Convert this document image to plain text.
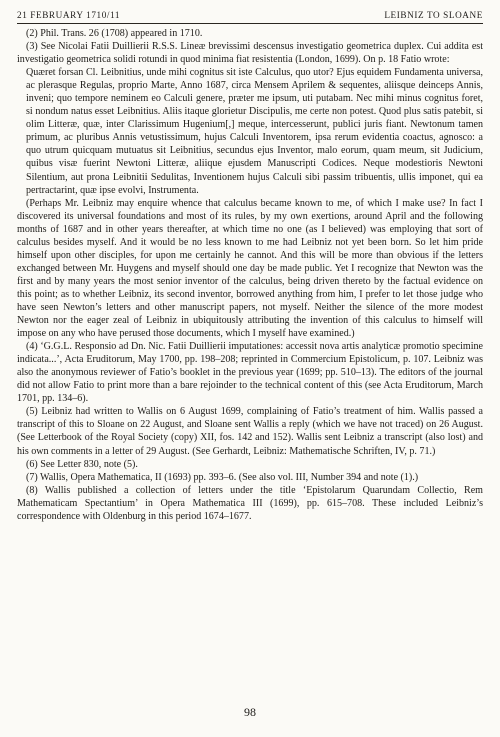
21 FEBRUARY 1710/11	LEIBNIZ TO SLOANE

(2) Phil. Trans. 26 (1708) appeared in 1710.

(3) See Nicolai Fatii Duillierii R.S.S. Lineæ brevissimi descensus investigatio geometrica duplex. Cui addita est investigatio geometrica solidi rotundi in quod minima fiat resistentia (London, 1699). On p. 18 Fatio wrote:

Quæret forsan Cl. Leibnitius, unde mihi cognitus sit iste Calculus, quo utor? Ejus equidem Fundamenta universa, ac plerasque Regulas, proprio Marte, Anno 1687, circa Mensem Aprilem & sequentes, aliisque deinceps Annis, inveni; quo tempore neminem eo Calculi genere, præter me ipsum, uti putabam. Nec mihi minus cognitus foret, si nondum natus esset Leibnitius. Aliis itaque glorietur Discipulis, me certe non potest. Quod plus satis patebit, si olim Litteræ, quæ, inter Clarissimum Hugenium[,] meque, intercesserunt, publici juris fiant. Newtonum tamen primum, ac pluribus Annis vetustissimum, hujus Calculi Inventorem, ipsa rerum evidentia coactus, agnosco: a quo utrum quicquam mutuatus sit Leibnitius, secundus ejus Inventor, malo eorum, quam meum, sit Judicium, quibus visæ fuerint Newtoni Litteræ, aliique ejusdem Manuscripti Codices. Neque modestioris Newtoni Silentium, aut prona Leibnitii Sedulitas, Inventionem hujus Calculi sibi passim tribuentis, ullis imponet, qui ea pertractarint, quæ ipse evolvi, Instrumenta.

(Perhaps Mr. Leibniz may enquire whence that calculus became known to me, of which I make use? In fact I discovered its universal foundations and most of its rules, by my own exertions, around April and the following months of 1687 and in other years thereafter, at which time no one (as I believed) was employing that sort of calculus besides myself. And it would be no less known to me had Leibniz not yet been born. So let him pride himself upon other disciples, for upon me certainly he cannot. And this will be more than obvious if the letters exchanged between Mr. Huygens and myself should one day be made public. Yet I recognize that Newton was the first and by many years the most senior inventor of the calculus, being driven thereto by the factual evidence on this point; as to whether Leibniz, its second inventor, borrowed anything from him, I prefer to let those judge who have seen Newton’s letters and other manuscript papers, not myself. Neither the silence of the more modest Newton nor the eager zeal of Leibniz in ubiquitously attributing the invention of this calculus to himself will impose on any who have perused those documents, which I myself have examined.)

(4) ‘G.G.L. Responsio ad Dn. Nic. Fatii Duillierii imputationes: accessit nova artis analyticæ promotio specimine indicata...’, Acta Eruditorum, May 1700, pp. 198–208; reprinted in Commercium Epistolicum, p. 107. Leibniz was also the anonymous reviewer of Fatio’s booklet in the previous year (1699; pp. 510–13). The editors of the journal did not allow Fatio to print more than a bare rejoinder to the technical content of this (see Acta Eruditorum, March 1701, pp. 134–6).

(5) Leibniz had written to Wallis on 6 August 1699, complaining of Fatio’s treatment of him. Wallis passed a transcript of this to Sloane on 22 August, and Sloane sent Wallis a reply (which we have not traced) on 26 August. (See Letterbook of the Royal Society (copy) XII, fos. 142 and 152). Wallis sent Leibniz a transcript (also lost) and his own comments in a letter of 29 August. (See Gerhardt, Leibniz: Mathematische Schriften, IV, p. 71.)

(6) See Letter 830, note (5).

(7) Wallis, Opera Mathematica, II (1693) pp. 393–6. (See also vol. III, Number 394 and note (1).)

(8) Wallis published a collection of letters under the title ‘Epistolarum Quarundam Collectio, Rem Mathematicam Spectantium’ in Opera Mathematica III (1699), pp. 615–708. These included Leibniz’s correspondence with Oldenburg in this period 1674–1677.

98
